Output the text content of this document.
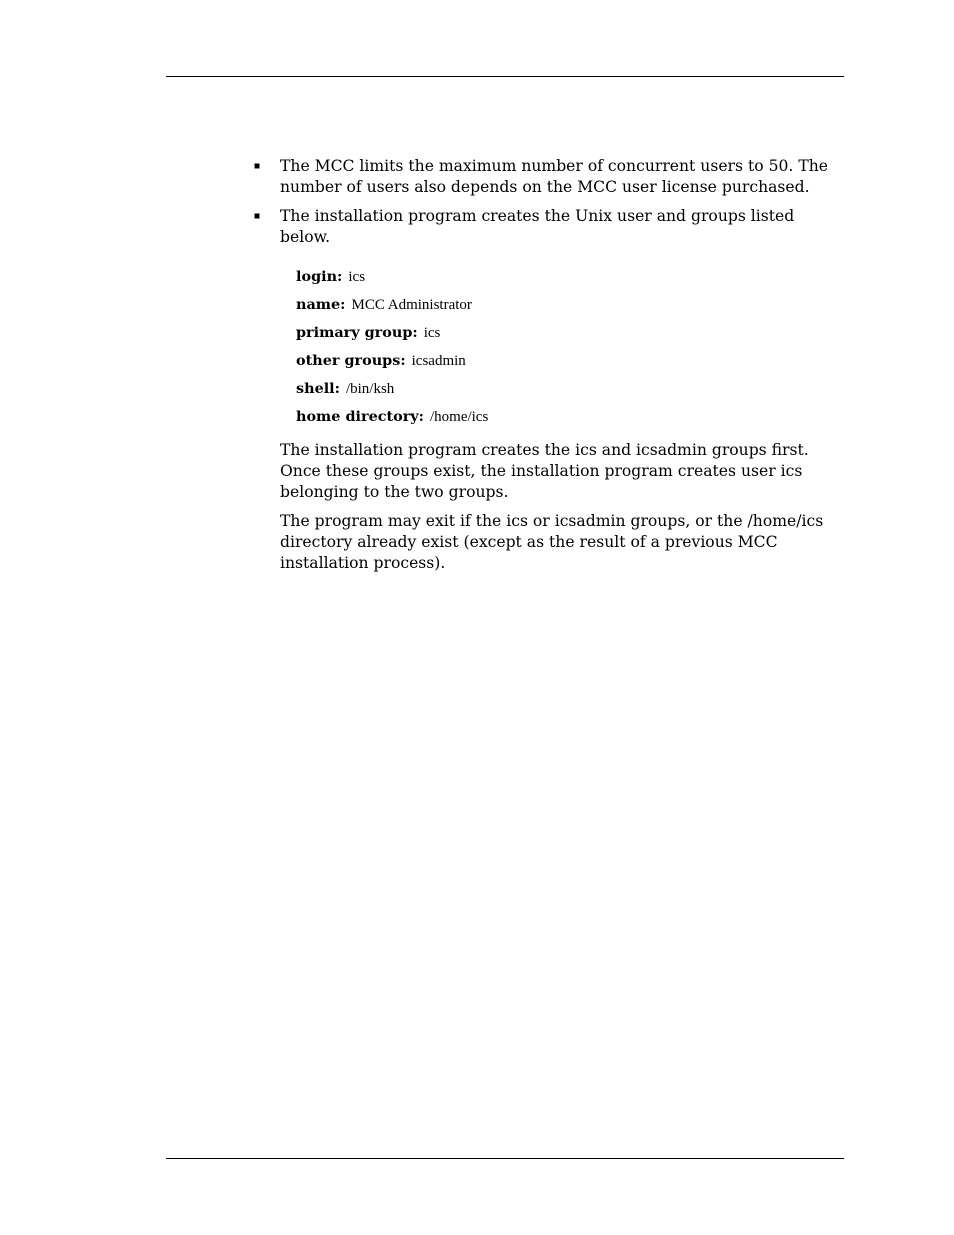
The MCC limits the maximum number of concurrent users to 50. The
number of users also depends on the MCC user license purchased.

The installation program creates the Unix user and groups listed
below.

login: ics
name: MCC Administrator
primary group: ics
other groups: icsadmin
shell: /bin/ksh
home directory: /home/ics

The installation program creates the ics and icsadmin groups first.
Once these groups exist, the installation program creates user ics
belonging to the two groups.

The program may exit if the ics or icsadmin groups, or the /home/ics
directory already exist (except as the result of a previous MCC
installation process).
